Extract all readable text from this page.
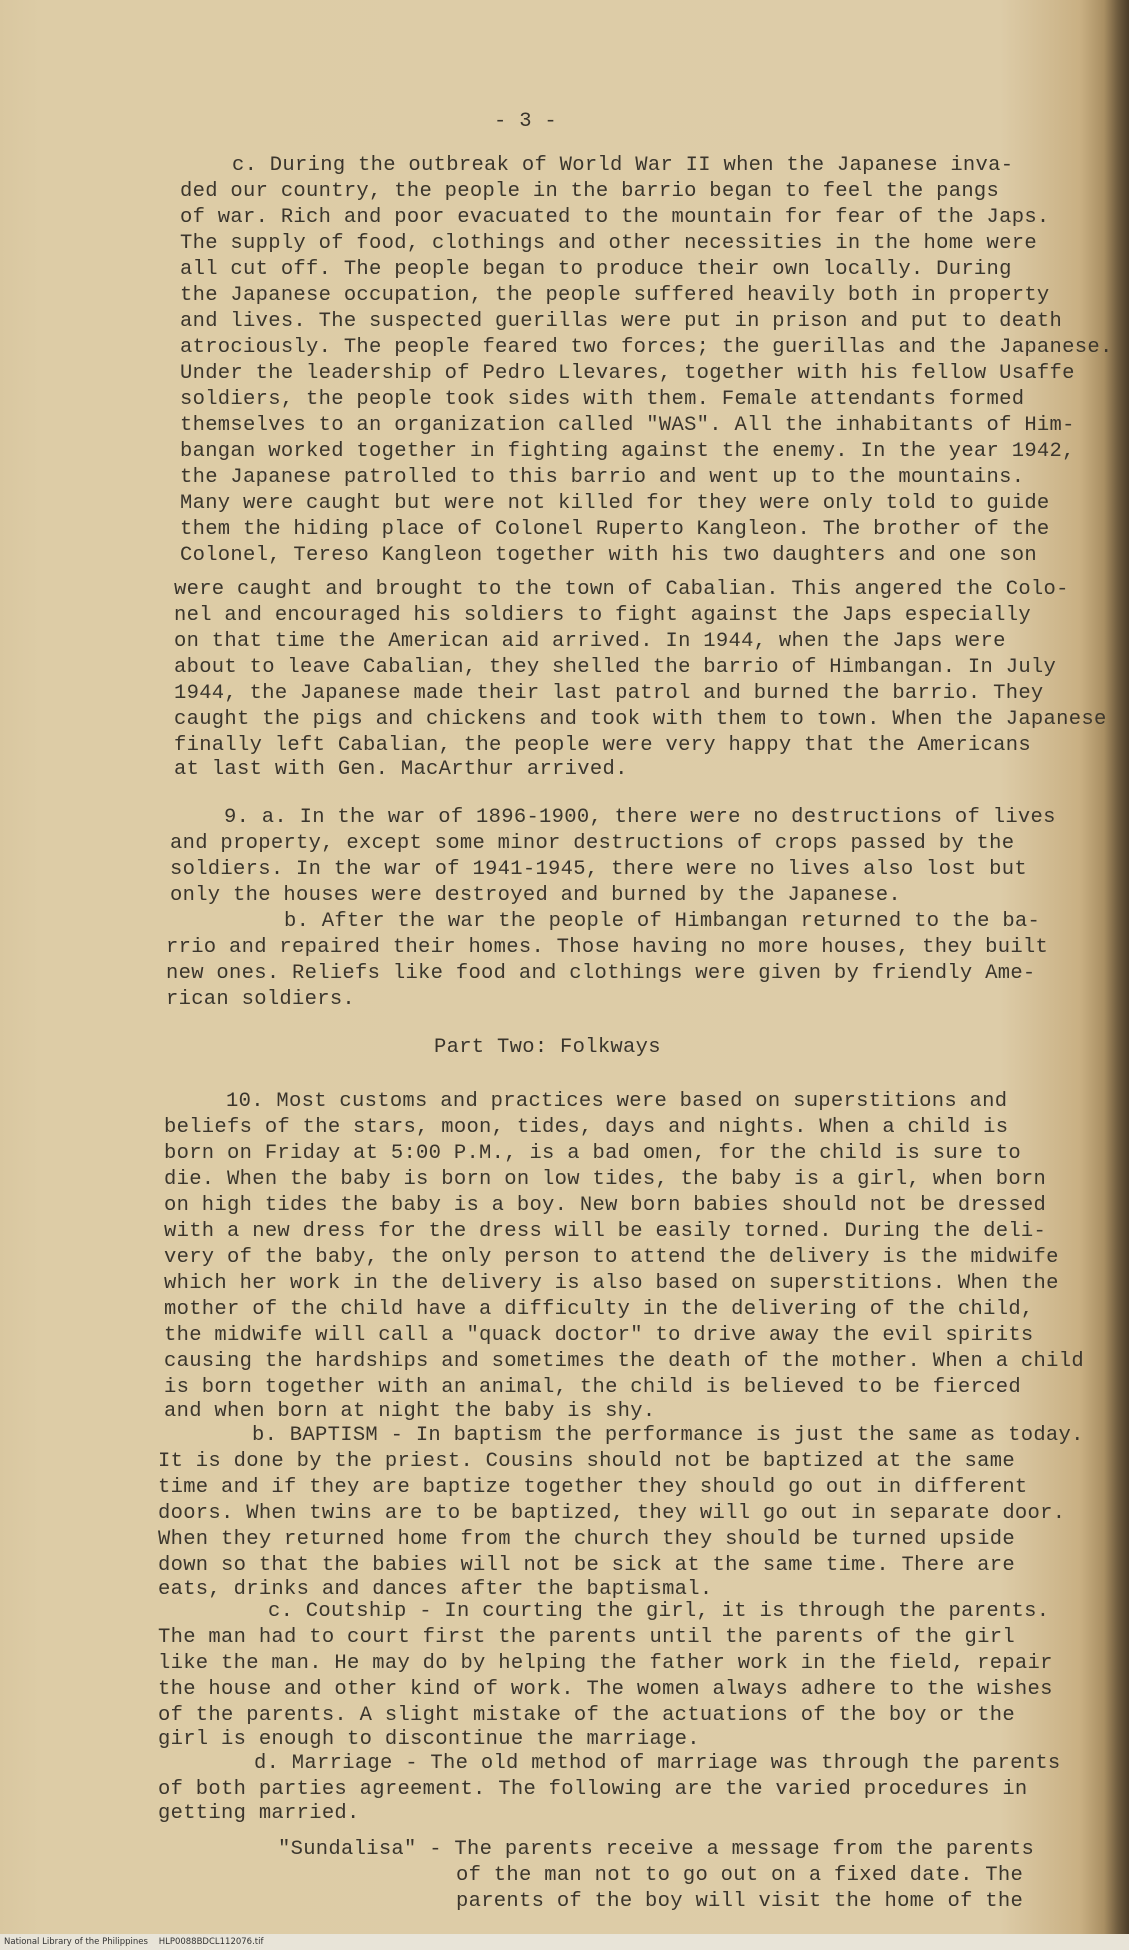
- 3 -
c. During the outbreak of World War II when the Japanese inva-
ded our country, the people in the barrio began to feel the pangs
of war. Rich and poor evacuated to the mountain for fear of the Japs.
The supply of food, clothings and other necessities in the home were
all cut off. The people began to produce their own locally. During
the Japanese occupation, the people suffered heavily both in property
and lives. The suspected guerillas were put in prison and put to death
atrociously. The people feared two forces; the guerillas and the Japanese.
Under the leadership of Pedro Llevares, together with his fellow Usaffe
soldiers, the people took sides with them. Female attendants formed
themselves to an organization called "WAS". All the inhabitants of Him-
bangan worked together in fighting against the enemy. In the year 1942,
the Japanese patrolled to this barrio and went up to the mountains.
Many were caught but were not killed for they were only told to guide
them the hiding place of Colonel Ruperto Kangleon. The brother of the
Colonel, Tereso Kangleon together with his two daughters and one son
were caught and brought to the town of Cabalian. This angered the Colo-
nel and encouraged his soldiers to fight against the Japs especially
on that time the American aid arrived. In 1944, when the Japs were
about to leave Cabalian, they shelled the barrio of Himbangan. In July
1944, the Japanese made their last patrol and burned the barrio. They
caught the pigs and chickens and took with them to town. When the Japanese
finally left Cabalian, the people were very happy that the Americans
at last with Gen. MacArthur arrived.
9. a. In the war of 1896-1900, there were no destructions of lives
and property, except some minor destructions of crops passed by the
soldiers. In the war of 1941-1945, there were no lives also lost but
only the houses were destroyed and burned by the Japanese.
b. After the war the people of Himbangan returned to the ba-
rrio and repaired their homes. Those having no more houses, they built
new ones. Reliefs like food and clothings were given by friendly Ame-
rican soldiers.
Part Two: Folkways
10. Most customs and practices were based on superstitions and
beliefs of the stars, moon, tides, days and nights. When a child is
born on Friday at 5:00 P.M., is a bad omen, for the child is sure to
die. When the baby is born on low tides, the baby is a girl, when born
on high tides the baby is a boy. New born babies should not be dressed
with a new dress for the dress will be easily torned. During the deli-
very of the baby, the only person to attend the delivery is the midwife
which her work in the delivery is also based on superstitions. When the
mother of the child have a difficulty in the delivering of the child,
the midwife will call a "quack doctor" to drive away the evil spirits
causing the hardships and sometimes the death of the mother. When a child
is born together with an animal, the child is believed to be fierced
and when born at night the baby is shy.
b. BAPTISM - In baptism the performance is just the same as today.
It is done by the priest. Cousins should not be baptized at the same
time and if they are baptize together they should go out in different
doors. When twins are to be baptized, they will go out in separate door.
When they returned home from the church they should be turned upside
down so that the babies will not be sick at the same time. There are
eats, drinks and dances after the baptismal.
c. Coutship - In courting the girl, it is through the parents.
The man had to court first the parents until the parents of the girl
like the man. He may do by helping the father work in the field, repair
the house and other kind of work. The women always adhere to the wishes
of the parents. A slight mistake of the actuations of the boy or the
girl is enough to discontinue the marriage.
d. Marriage - The old method of marriage was through the parents
of both parties agreement. The following are the varied procedures in
getting married.
"Sundalisa" - The parents receive a message from the parents
of the man not to go out on a fixed date. The
parents of the boy will visit the home of the
National Library of the Philippines    HLP0088BDCL112076.tif
